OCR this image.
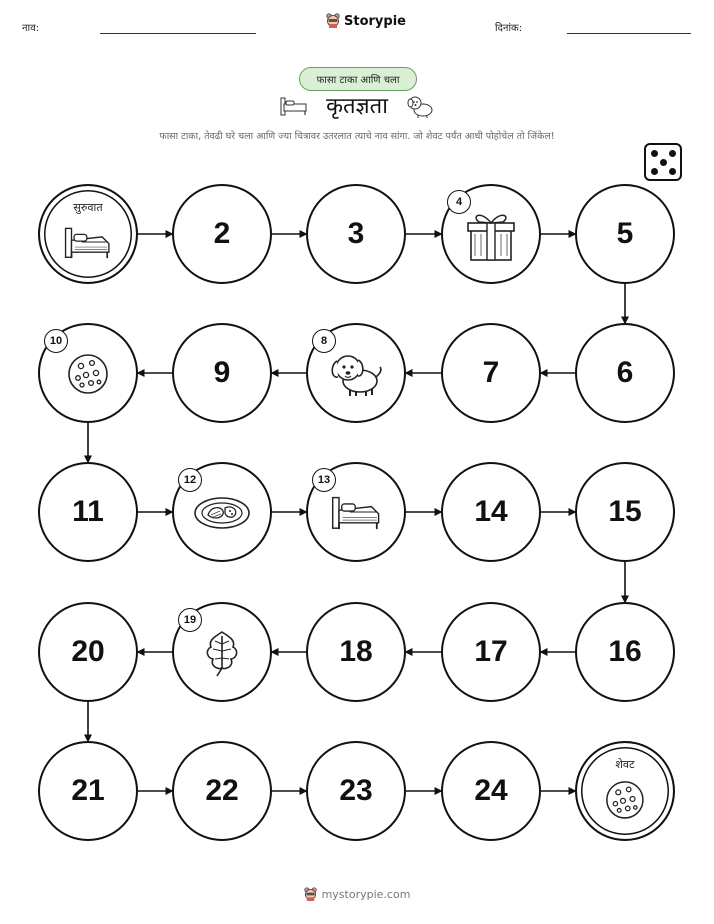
नाव:	Storypie	दिनांक:
फासा टाका आणि चला
कृतज्ञता
फासा टाका, तेवढी घरे चला आणि ज्या चित्रावर उतरलात त्याचे नाव सांगा. जो शेवट पर्यंत आधी पोहोचेल तो जिंकेल!
सुरुवात
2	3
4
5
6
7
8
9
10
11
12	13
14	15
16
17
18
19
20
21	22	23	24
शेवट
mystorypie.com
